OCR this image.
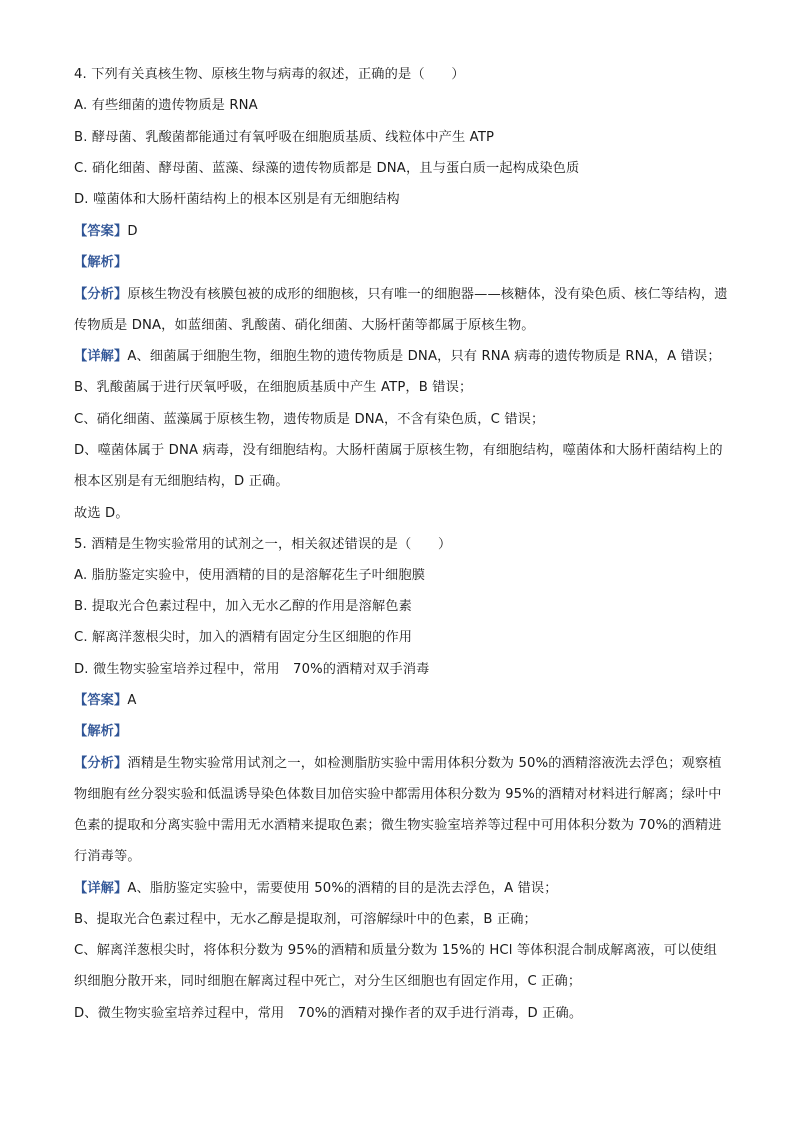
4. 下列有关真核生物、原核生物与病毒的叙述，正确的是（　　）
A. 有些细菌的遗传物质是 RNA
B. 酵母菌、乳酸菌都能通过有氧呼吸在细胞质基质、线粒体中产生 ATP
C. 硝化细菌、酵母菌、蓝藻、绿藻的遗传物质都是 DNA，且与蛋白质一起构成染色质
D. 噬菌体和大肠杆菌结构上的根本区别是有无细胞结构
【答案】D
【解析】
【分析】原核生物没有核膜包被的成形的细胞核，只有唯一的细胞器——核糖体，没有染色质、核仁等结构，遗传物质是 DNA，如蓝细菌、乳酸菌、硝化细菌、大肠杆菌等都属于原核生物。
【详解】A、细菌属于细胞生物，细胞生物的遗传物质是 DNA，只有 RNA 病毒的遗传物质是 RNA，A 错误；
B、乳酸菌属于进行厌氧呼吸，在细胞质基质中产生 ATP，B 错误；
C、硝化细菌、蓝藻属于原核生物，遗传物质是 DNA，不含有染色质，C 错误；
D、噬菌体属于 DNA 病毒，没有细胞结构。大肠杆菌属于原核生物，有细胞结构，噬菌体和大肠杆菌结构上的根本区别是有无细胞结构，D 正确。
故选 D。
5. 酒精是生物实验常用的试剂之一，相关叙述错误的是（　　）
A. 脂肪鉴定实验中，使用酒精的目的是溶解花生子叶细胞膜
B. 提取光合色素过程中，加入无水乙醇的作用是溶解色素
C. 解离洋葱根尖时，加入的酒精有固定分生区细胞的作用
D. 微生物实验室培养过程中，常用　70%的酒精对双手消毒
【答案】A
【解析】
【分析】酒精是生物实验常用试剂之一，如检测脂肪实验中需用体积分数为 50%的酒精溶液洗去浮色；观察植物细胞有丝分裂实验和低温诱导染色体数目加倍实验中都需用体积分数为 95%的酒精对材料进行解离；绿叶中色素的提取和分离实验中需用无水酒精来提取色素；微生物实验室培养等过程中可用体积分数为 70%的酒精进行消毒等。
【详解】A、脂肪鉴定实验中，需要使用 50%的酒精的目的是洗去浮色，A 错误；
B、提取光合色素过程中，无水乙醇是提取剂，可溶解绿叶中的色素，B 正确；
C、解离洋葱根尖时，将体积分数为 95%的酒精和质量分数为 15%的 HCl 等体积混合制成解离液，可以使组织细胞分散开来，同时细胞在解离过程中死亡，对分生区细胞也有固定作用，C 正确；
D、微生物实验室培养过程中，常用　70%的酒精对操作者的双手进行消毒，D 正确。
